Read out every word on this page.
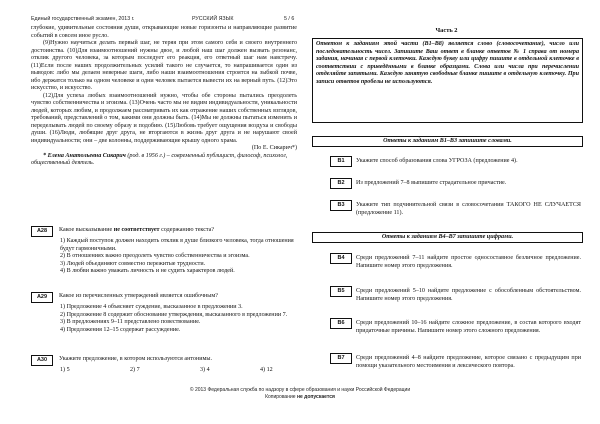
Единый государственный экзамен, 2013 г.	РУССКИЙ ЯЗЫК	5 / 6

глубокие, удивительные состояния души, открывающие новые горизонты и направляющие развитие событий в совсем иное русло.

(9)Нужно научиться делать первый шаг, не теряя при этом самого себя и своего внутреннего достоинства. (10)Для взаимоотношений нужны двое, и любой наш шаг должен вызвать резонанс, отклик другого человека, за которым последует его реакция, его ответный шаг нам навстречу. (11)Если после наших продолжительных усилий такого не случается, то напрашивается один из выводов: либо мы делаем неверные шаги, либо наши взаимоотношения строятся на зыбкой почве, ибо держатся только на одном человеке и одни человек пытается вывести их на верный путь. (12)Это искусство, и искусство.

(12)Для успеха любых взаимоотношений нужно, чтобы обе стороны пытались преодолеть чувство собственничества и эгоизма. (13)Очень часто мы не видим индивидуальности, уникальности людей, которых любим, и продолжаем рассматривать их как отражение наших собственных взглядов, требований, представлений о том, какими они должны быть. (14)Мы не должны пытаться изменить и переделывать людей по своему образу и подобию. (15)Любовь требует ощущения воздуха и свободы души. (16)Люди, любящие друг друга, не вторгаются в жизнь друг друга и не нарушают своей индивидуальности; они – две колонны, поддерживающие крышу одного храма.

(По Е. Сикарич*)
* Елена Анатольевна Сикарич (род. в 1956 г.) – современный публицист, философ, психолог, общественный деятель.
A28	Какое высказывание не соответствует содержанию текста?
1) Каждый поступок должен находить отклик в душе близкого человека, тогда отношения будут гармоничными.
2) В отношениях важно преодолеть чувство собственничества и эгоизма.
3) Людей объединяют совместно пережитые трудности.
4) В любви важно уважать личность и не судить характеров людей.
A29	Какое из перечисленных утверждений является ошибочным?
1) Предложение 4 объясняет суждение, высказанное в предложении 3.
2) Предложение 8 содержит обоснование утверждения, высказанного в предложении 7.
3) В предложениях 9–11 представлено повествование.
4) Предложения 12–15 содержат рассуждение.
A30	Укажите предложение, в котором используются антонимы.
1) 5	2) 7	3) 4	4) 12
Часть 2
Ответом к заданиям этой части (В1–В8) является слово (словосочетание), число или последовательность чисел. Запишите Ваш ответ в бланке ответов № 1 справа от номера задания, начиная с первой клеточки. Каждую букву или цифру пишите в отдельной клеточке в соответствии с приведёнными в бланке образцами. Слова или числа при перечислении отделяйте запятыми. Каждую занятую свободные бланке пишите в отдельную клеточку. При записи ответов пробелы не используются.
Ответы к заданиям В1–В3 запишите словами.
B1	Укажите способ образования слова УГРОЗА (предложение 4).
B2	Из предложений 7–8 выпишите страдательное причастие.
B3	Укажите тип подчинительной связи в словосочетании ТАКОГО НЕ СЛУЧАЕТСЯ (предложение 11).
Ответы к заданиям В4–В7 запишите цифрами.
B4	Среди предложений 7–11 найдите простое односоставное безличное предложение. Напишите номер этого предложения.
B5	Среди предложений 5–10 найдите предложение с обособленным обстоятельством. Напишите номер этого предложения.
B6	Среди предложений 10–16 найдите сложное предложение, в состав которого входят придаточные причины. Напишите номер этого сложного предложения.
B7	Среди предложений 4–8 найдите предложение, которое связано с предыдущим при помощи указательного местоимения и лексического повтора.
© 2013 Федеральная служба по надзору в сфере образования и науки Российской Федерации
Копирование не допускается
